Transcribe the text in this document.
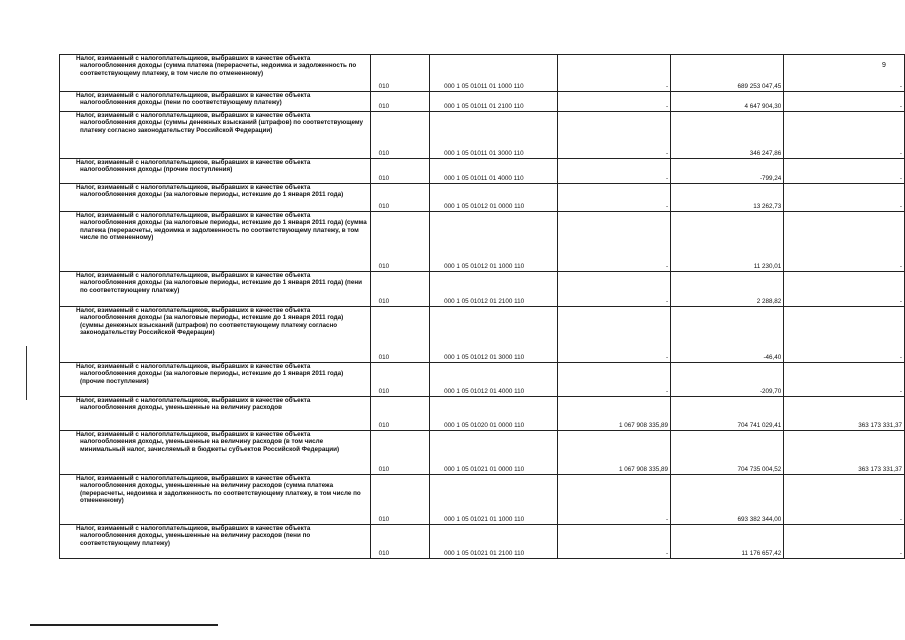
9
Налог, взимаемый с налогоплательщиков, выбравших в качестве объекта налогообложения доходы (сумма платежа (перерасчеты, недоимка и задолженность по соответствующему платежу, в том числе по отмененному)	010	000 1 05 01011 01 1000 110	-	689 253 047,45	-
Налог, взимаемый с налогоплательщиков, выбравших в качестве объекта налогообложения доходы (пени по соответствующему платежу)	010	000 1 05 01011 01 2100 110	-	4 647 904,30	-
Налог, взимаемый с налогоплательщиков, выбравших в качестве объекта налогообложения доходы (суммы денежных взысканий (штрафов) по соответствующему платежу согласно законодательству Российской Федерации)	010	000 1 05 01011 01 3000 110	-	346 247,86	-
Налог, взимаемый с налогоплательщиков, выбравших в качестве объекта налогообложения доходы (прочие поступления)	010	000 1 05 01011 01 4000 110	-	-799,24	-
Налог, взимаемый с налогоплательщиков, выбравших в качестве объекта налогообложения доходы (за налоговые периоды, истекшие до 1 января 2011 года)	010	000 1 05 01012 01 0000 110	-	13 262,73	-
Налог, взимаемый с налогоплательщиков, выбравших в качестве объекта налогообложения доходы (за налоговые периоды, истекшие до 1 января 2011 года) (сумма платежа (перерасчеты, недоимка и задолженность по соответствующему платежу, в том числе по отмененному)	010	000 1 05 01012 01 1000 110	-	11 230,01	-
Налог, взимаемый с налогоплательщиков, выбравших в качестве объекта налогообложения доходы (за налоговые периоды, истекшие до 1 января 2011 года) (пени по соответствующему платежу)	010	000 1 05 01012 01 2100 110	-	2 288,82	-
Налог, взимаемый с налогоплательщиков, выбравших в качестве объекта налогообложения доходы (за налоговые периоды, истекшие до 1 января 2011 года) (суммы денежных взысканий (штрафов) по соответствующему платежу согласно законодательству Российской Федерации)	010	000 1 05 01012 01 3000 110	-	-46,40	-
Налог, взимаемый с налогоплательщиков, выбравших в качестве объекта налогообложения доходы (за налоговые периоды, истекшие до 1 января 2011 года) (прочие поступления)	010	000 1 05 01012 01 4000 110	-	-209,70	-
Налог, взимаемый с налогоплательщиков, выбравших в качестве объекта налогообложения доходы, уменьшенные на величину расходов	010	000 1 05 01020 01 0000 110	1 067 908 335,89	704 741 029,41	363 173 331,37
Налог, взимаемый с налогоплательщиков, выбравших в качестве объекта налогообложения доходы, уменьшенные на величину расходов (в том числе минимальный налог, зачисляемый в бюджеты субъектов Российской Федерации)	010	000 1 05 01021 01 0000 110	1 067 908 335,89	704 735 004,52	363 173 331,37
Налог, взимаемый с налогоплательщиков, выбравших в качестве объекта налогообложения доходы, уменьшенные на величину расходов (сумма платежа (перерасчеты, недоимка и задолженность по соответствующему платежу, в том числе по отмененному)	010	000 1 05 01021 01 1000 110	-	693 382 344,00	-
Налог, взимаемый с налогоплательщиков, выбравших в качестве объекта налогообложения доходы, уменьшенные на величину расходов (пени по соответствующему платежу)	010	000 1 05 01021 01 2100 110	-	11 176 657,42	-
